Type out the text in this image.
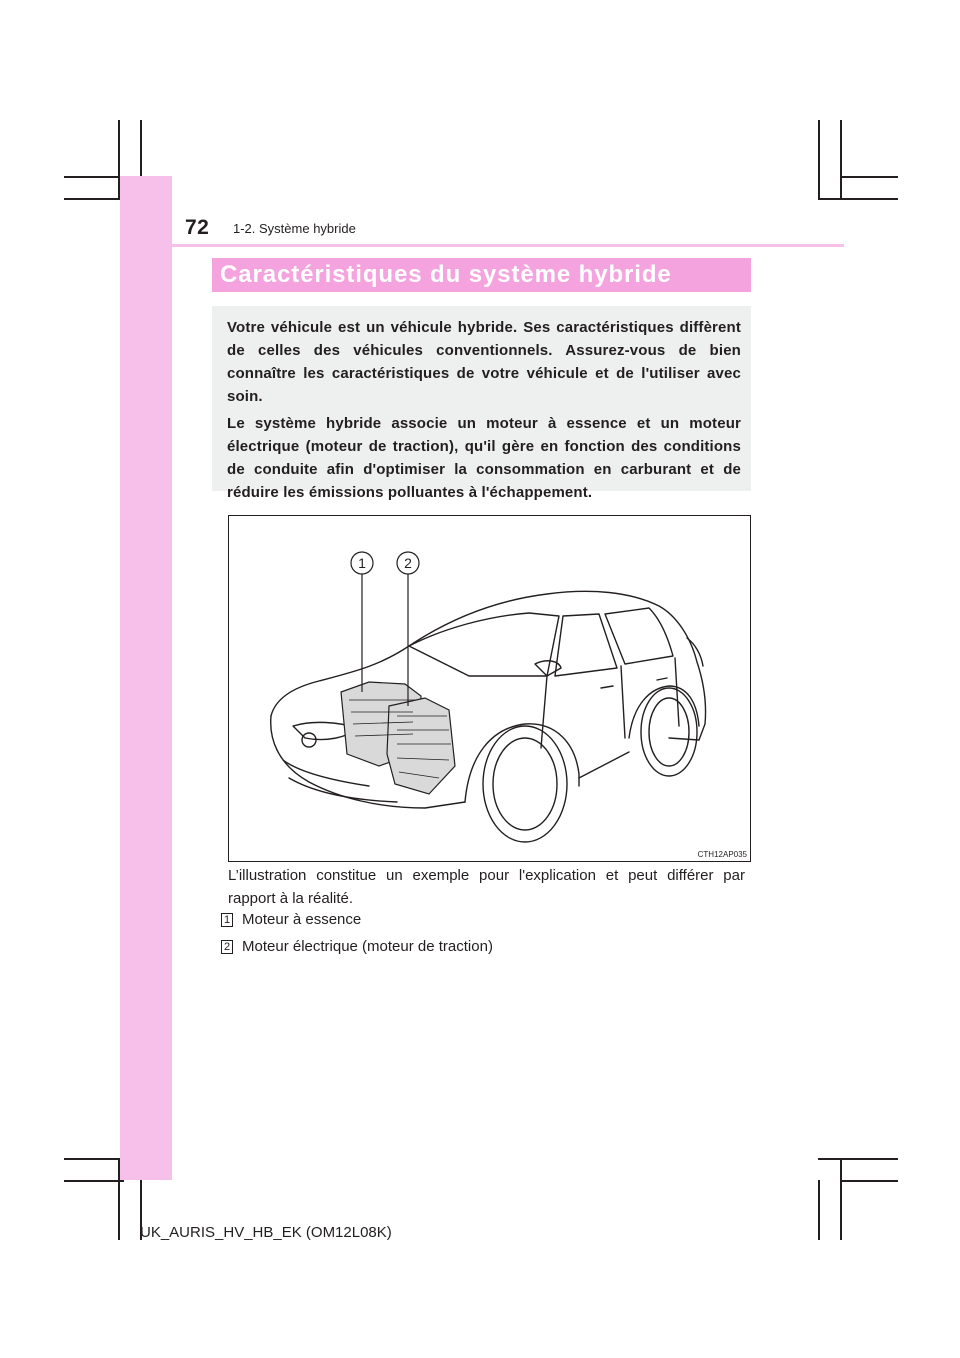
72 1-2. Système hybride
Caractéristiques du système hybride

Votre véhicule est un véhicule hybride. Ses caractéristiques diffèrent de celles des véhicules conventionnels. Assurez-vous de bien connaître les caractéristiques de votre véhicule et de l'utiliser avec soin.

Le système hybride associe un moteur à essence et un moteur électrique (moteur de traction), qu'il gère en fonction des conditions de conduite afin d'optimiser la consommation en carburant et de réduire les émissions polluantes à l'échappement.

1	2
CTH12AP035

L’illustration constitue un exemple pour l'explication et peut différer par rapport à la réalité.

1 Moteur à essence
2 Moteur électrique (moteur de traction)
UK_AURIS_HV_HB_EK (OM12L08K)
